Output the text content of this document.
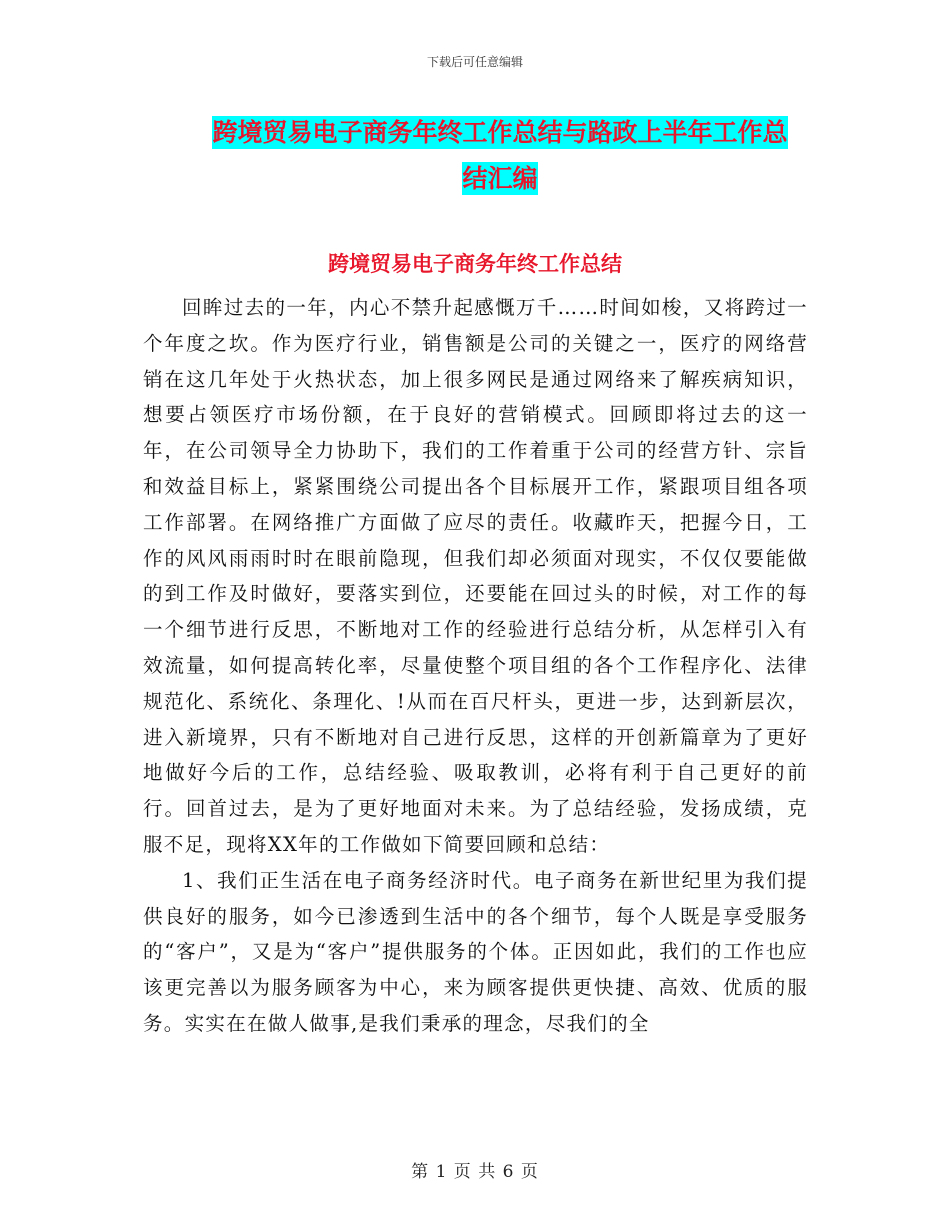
下载后可任意编辑
跨境贸易电子商务年终工作总结与路政上半年工作总
结汇编
跨境贸易电子商务年终工作总结

回眸过去的一年，内心不禁升起感慨万千……时间如梭，又将跨过一个年度之坎。作为医疗行业，销售额是公司的关键之一，医疗的网络营销在这几年处于火热状态，加上很多网民是通过网络来了解疾病知识，想要占领医疗市场份额，在于良好的营销模式。回顾即将过去的这一年，在公司领导全力协助下，我们的工作着重于公司的经营方针、宗旨和效益目标上，紧紧围绕公司提出各个目标展开工作，紧跟项目组各项工作部署。在网络推广方面做了应尽的责任。收藏昨天，把握今日，工作的风风雨雨时时在眼前隐现，但我们却必须面对现实，不仅仅要能做的到工作及时做好，要落实到位，还要能在回过头的时候，对工作的每一个细节进行反思，不断地对工作的经验进行总结分析，从怎样引入有效流量，如何提高转化率，尽量使整个项目组的各个工作程序化、法律规范化、系统化、条理化、!从而在百尺杆头，更进一步，达到新层次，进入新境界，只有不断地对自己进行反思，这样的开创新篇章为了更好地做好今后的工作，总结经验、吸取教训，必将有利于自己更好的前行。回首过去，是为了更好地面对未来。为了总结经验，发扬成绩，克服不足，现将XX年的工作做如下简要回顾和总结：

1、我们正生活在电子商务经济时代。电子商务在新世纪里为我们提供良好的服务，如今已渗透到生活中的各个细节，每个人既是享受服务的“客户”，又是为“客户”提供服务的个体。正因如此，我们的工作也应该更完善以为服务顾客为中心，来为顾客提供更快捷、高效、优质的服务。实实在在做人做事,是我们秉承的理念，尽我们的全

第 1 页 共 6 页
